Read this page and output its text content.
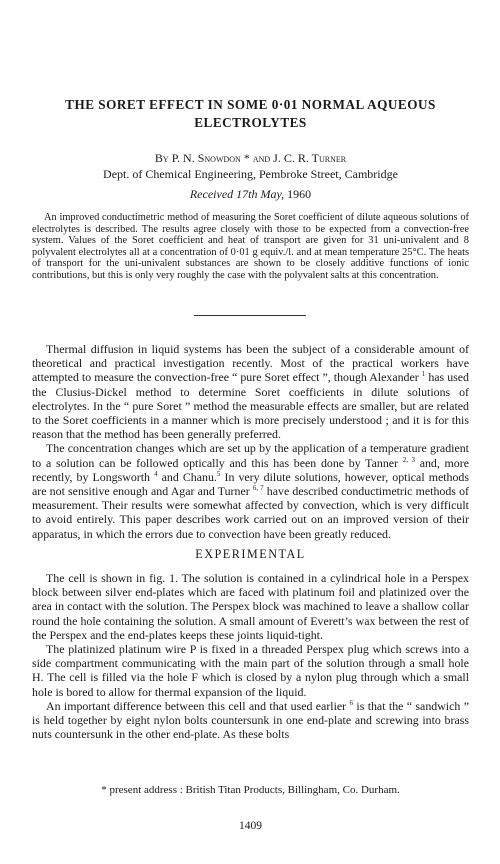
THE SORET EFFECT IN SOME 0·01 NORMAL AQUEOUS
ELECTROLYTES
By P. N. Snowdon * and J. C. R. Turner
Dept. of Chemical Engineering, Pembroke Street, Cambridge
Received 17th May, 1960

An improved conductimetric method of measuring the Soret coefficient of dilute aqueous solutions of electrolytes is described. The results agree closely with those to be expected from a convection-free system. Values of the Soret coefficient and heat of transport are given for 31 uni-univalent and 8 polyvalent electrolytes all at a concentration of 0·01 g equiv./l. and at mean temperature 25°C. The heats of transport for the uni-univalent substances are shown to be closely additive functions of ionic contributions, but this is only very roughly the case with the polyvalent salts at this concentration.

Thermal diffusion in liquid systems has been the subject of a considerable amount of theoretical and practical investigation recently. Most of the practical workers have attempted to measure the convection-free “ pure Soret effect ”, though Alexander $^1$ has used the Clusius-Dickel method to determine Soret coefficients in dilute solutions of electrolytes. In the “ pure Soret ” method the measurable effects are smaller, but are related to the Soret coefficients in a manner which is more precisely understood ; and it is for this reason that the method has been generally preferred.

The concentration changes which are set up by the application of a temperature gradient to a solution can be followed optically and this has been done by Tanner $^{2, 3}$ and, more recently, by Longsworth $^4$ and Chanu.$^5$ In very dilute solutions, however, optical methods are not sensitive enough and Agar and Turner $^{6, 7}$ have described conductimetric methods of measurement. Their results were somewhat affected by convection, which is very difficult to avoid entirely. This paper describes work carried out on an improved version of their apparatus, in which the errors due to convection have been greatly reduced.

EXPERIMENTAL

The cell is shown in fig. 1. The solution is contained in a cylindrical hole in a Perspex block between silver end-plates which are faced with platinum foil and platinized over the area in contact with the solution. The Perspex block was machined to leave a shallow collar round the hole containing the solution. A small amount of Everett’s wax between the rest of the Perspex and the end-plates keeps these joints liquid-tight.

The platinized platinum wire P is fixed in a threaded Perspex plug which screws into a side compartment communicating with the main part of the solution through a small hole H. The cell is filled via the hole F which is closed by a nylon plug through which a small hole is bored to allow for thermal expansion of the liquid.

An important difference between this cell and that used earlier $^6$ is that the “ sandwich ” is held together by eight nylon bolts countersunk in one end-plate and screwing into brass nuts countersunk in the other end-plate. As these bolts

* present address : British Titan Products, Billingham, Co. Durham.
1409
